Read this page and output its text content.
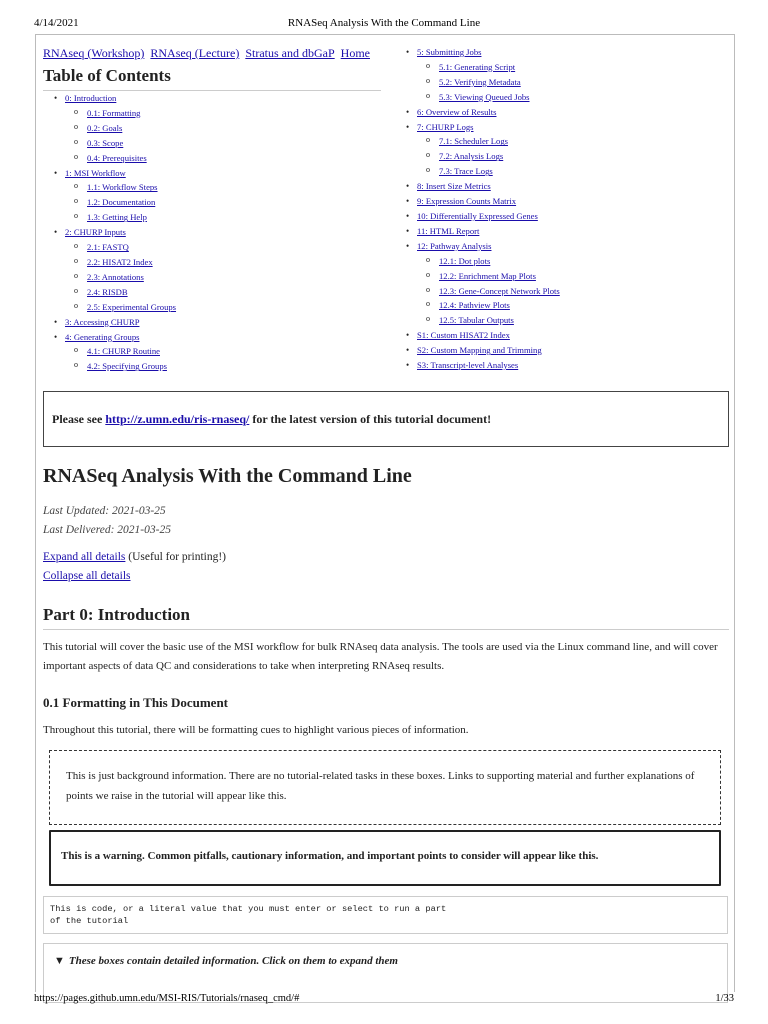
4/14/2021	RNASeq Analysis With the Command Line
RNAseq (Workshop) RNAseq (Lecture) Stratus and dbGaP Home
Table of Contents
• 0: Introduction
o 0.1: Formatting
o 0.2: Goals
o 0.3: Scope
o 0.4: Prerequisites
• 1: MSI Workflow
o 1.1: Workflow Steps
o 1.2: Documentation
o 1.3: Getting Help
• 2: CHURP Inputs
o 2.1: FASTQ
o 2.2: HISAT2 Index
o 2.3: Annotations
o 2.4: RISDB
o 2.5: Experimental Groups
• 3: Accessing CHURP
• 4: Generating Groups
o 4.1: CHURP Routine
o 4.2: Specifying Groups
• 5: Submitting Jobs
o 5.1: Generating Script
o 5.2: Verifying Metadata
o 5.3: Viewing Queued Jobs
• 6: Overview of Results
• 7: CHURP Logs
o 7.1: Scheduler Logs
o 7.2: Analysis Logs
o 7.3: Trace Logs
• 8: Insert Size Metrics
• 9: Expression Counts Matrix
• 10: Differentially Expressed Genes
• 11: HTML Report
• 12: Pathway Analysis
o 12.1: Dot plots
o 12.2: Enrichment Map Plots
o 12.3: Gene-Concept Network Plots
o 12.4: Pathview Plots
o 12.5: Tabular Outputs
• S1: Custom HISAT2 Index
• S2: Custom Mapping and Trimming
• S3: Transcript-level Analyses
Please see http://z.umn.edu/ris-rnaseq/ for the latest version of this tutorial document!
RNASeq Analysis With the Command Line
Last Updated: 2021-03-25
Last Delivered: 2021-03-25
Expand all details (Useful for printing!)
Collapse all details
Part 0: Introduction

This tutorial will cover the basic use of the MSI workflow for bulk RNAseq data analysis. The tools are used via the Linux command line, and will cover important aspects of data QC and considerations to take when interpreting RNAseq results.

0.1 Formatting in This Document

Throughout this tutorial, there will be formatting cues to highlight various pieces of information.

This is just background information. There are no tutorial-related tasks in these boxes. Links to supporting material and further explanations of points we raise in the tutorial will appear like this.
This is a warning. Common pitfalls, cautionary information, and important points to consider will appear like this.
This is code, or a literal value that you must enter or select to run a part
of the tutorial
▼ These boxes contain detailed information. Click on them to expand them
https://pages.github.umn.edu/MSI-RIS/Tutorials/rnaseq_cmd/#	1/33
